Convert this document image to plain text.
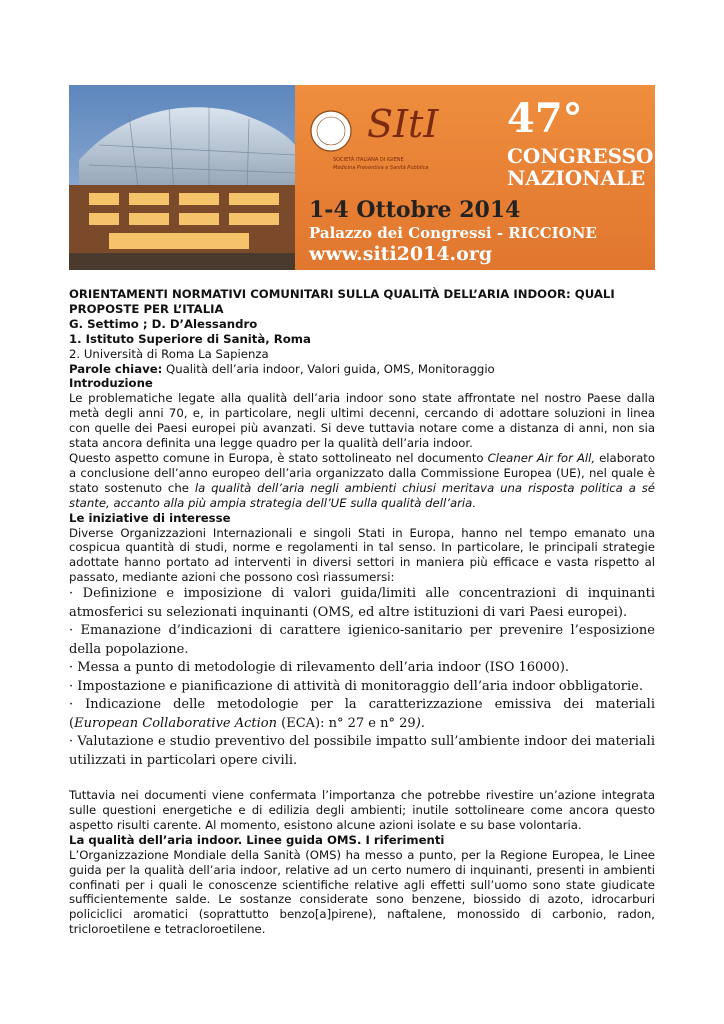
SItI
SOCIETÀ ITALIANA DI IGIENE
Medicina Preventiva e Sanità Pubblica
47°
CONGRESSO
NAZIONALE
1-4 Ottobre 2014
Palazzo dei Congressi - RICCIONE
www.siti2014.org

ORIENTAMENTI NORMATIVI COMUNITARI SULLA QUALITÀ DELL’ARIA INDOOR: QUALI PROPOSTE PER L’ITALIA

G. Settimo ; D. D’Alessandro

1. Istituto Superiore di Sanità, Roma

2. Università di Roma La Sapienza

Parole chiave: Qualità dell’aria indoor, Valori guida, OMS, Monitoraggio

Introduzione

Le problematiche legate alla qualità dell’aria indoor sono state affrontate nel nostro Paese dalla metà degli anni 70, e, in particolare, negli ultimi decenni, cercando di adottare soluzioni in linea con quelle dei Paesi europei più avanzati. Si deve tuttavia notare come a distanza di anni, non sia stata ancora definita una legge quadro per la qualità dell’aria indoor.

Questo aspetto comune in Europa, è stato sottolineato nel documento Cleaner Air for All, elaborato a conclusione dell’anno europeo dell’aria organizzato dalla Commissione Europea (UE), nel quale è stato sostenuto che la qualità dell’aria negli ambienti chiusi meritava una risposta politica a sé stante, accanto alla più ampia strategia dell’UE sulla qualità dell’aria.

Le iniziative di interesse

Diverse Organizzazioni Internazionali e singoli Stati in Europa, hanno nel tempo emanato una cospicua quantità di studi, norme e regolamenti in tal senso. In particolare, le principali strategie adottate hanno portato ad interventi in diversi settori in maniera più efficace e vasta rispetto al passato, mediante azioni che possono così riassumersi:

· Definizione e imposizione di valori guida/limiti alle concentrazioni di inquinanti atmosferici su selezionati inquinanti (OMS, ed altre istituzioni di vari Paesi europei).

· Emanazione d’indicazioni di carattere igienico-sanitario per prevenire l’esposizione della popolazione.

· Messa a punto di metodologie di rilevamento dell’aria indoor (ISO 16000).

· Impostazione e pianificazione di attività di monitoraggio dell’aria indoor obbligatorie.

· Indicazione delle metodologie per la caratterizzazione emissiva dei materiali (European Collaborative Action (ECA): n° 27 e n° 29).

· Valutazione e studio preventivo del possibile impatto sull’ambiente indoor dei materiali utilizzati in particolari opere civili.

Tuttavia nei documenti viene confermata l’importanza che potrebbe rivestire un’azione integrata sulle questioni energetiche e di edilizia degli ambienti; inutile sottolineare come ancora questo aspetto risulti carente. Al momento, esistono alcune azioni isolate e su base volontaria.

La qualità dell’aria indoor. Linee guida OMS. I riferimenti

L’Organizzazione Mondiale della Sanità (OMS) ha messo a punto, per la Regione Europea, le Linee guida per la qualità dell’aria indoor, relative ad un certo numero di inquinanti, presenti in ambienti confinati per i quali le conoscenze scientifiche relative agli effetti sull’uomo sono state giudicate sufficientemente salde. Le sostanze considerate sono benzene, biossido di azoto, idrocarburi policiclici aromatici (soprattutto benzo[a]pirene), naftalene, monossido di carbonio, radon, tricloroetilene e tetracloroetilene.
